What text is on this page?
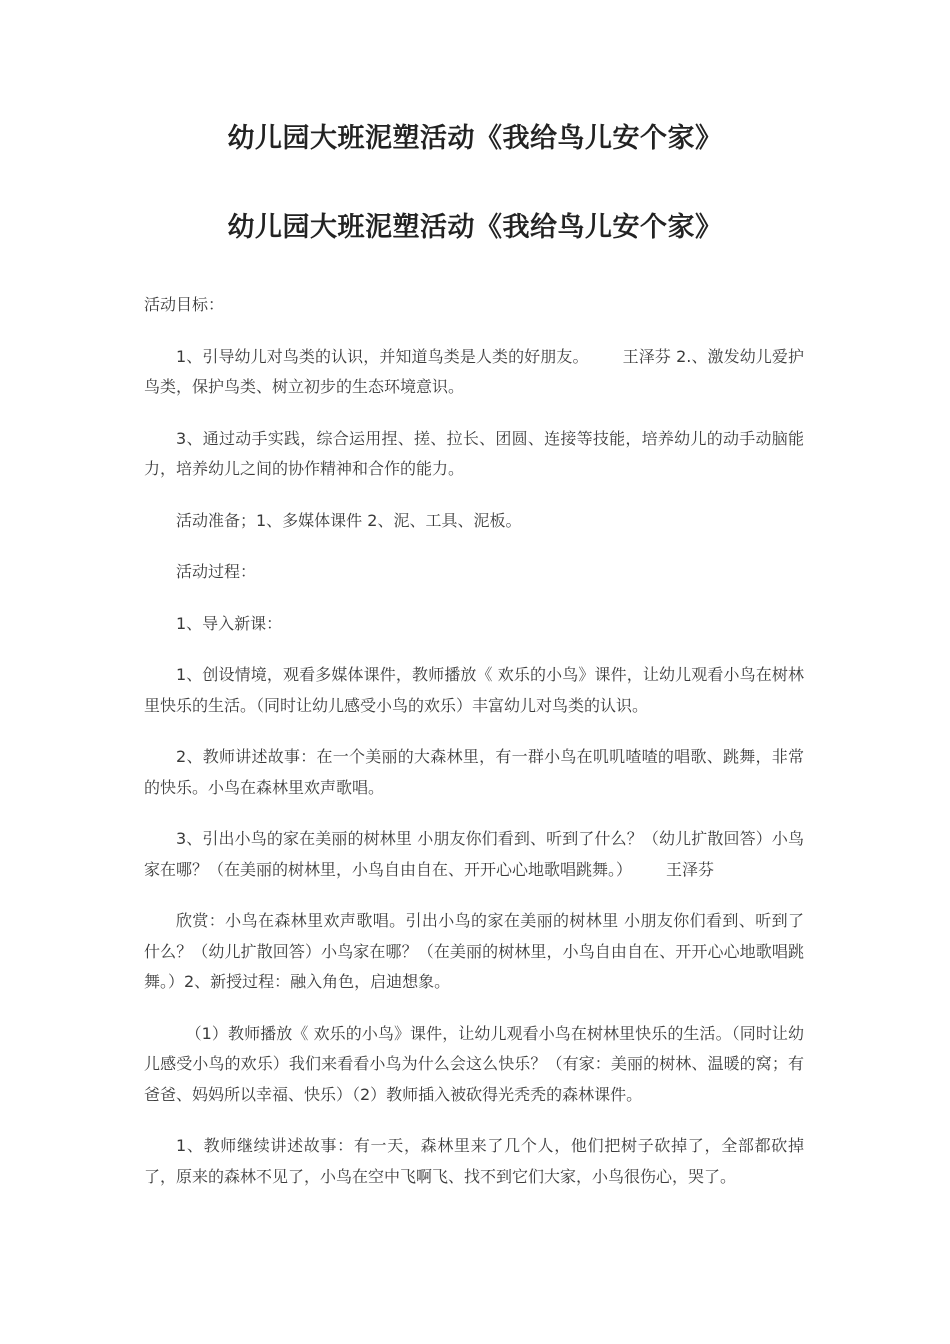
幼儿园大班泥塑活动《我给鸟儿安个家》
幼儿园大班泥塑活动《我给鸟儿安个家》

活动目标：

1、引导幼儿对鸟类的认识，并知道鸟类是人类的好朋友。 王泽芬 2.、激发幼儿爱护鸟类，保护鸟类、树立初步的生态环境意识。

3、通过动手实践，综合运用捏、搓、拉长、团圆、连接等技能，培养幼儿的动手动脑能力，培养幼儿之间的协作精神和合作的能力。

活动准备；1、多媒体课件 2、泥、工具、泥板。

活动过程：

1、导入新课：

1、创设情境，观看多媒体课件，教师播放《 欢乐的小鸟》课件，让幼儿观看小鸟在树林里快乐的生活。（同时让幼儿感受小鸟的欢乐）丰富幼儿对鸟类的认识。

2、教师讲述故事：在一个美丽的大森林里，有一群小鸟在叽叽喳喳的唱歌、跳舞，非常的快乐。小鸟在森林里欢声歌唱。

3、引出小鸟的家在美丽的树林里 小朋友你们看到、听到了什么？（幼儿扩散回答）小鸟家在哪？（在美丽的树林里，小鸟自由自在、开开心心地歌唱跳舞。） 王泽芬

欣赏：小鸟在森林里欢声歌唱。引出小鸟的家在美丽的树林里 小朋友你们看到、听到了什么？（幼儿扩散回答）小鸟家在哪？（在美丽的树林里，小鸟自由自在、开开心心地歌唱跳舞。）2、新授过程：融入角色，启迪想象。

（1）教师播放《 欢乐的小鸟》课件，让幼儿观看小鸟在树林里快乐的生活。（同时让幼儿感受小鸟的欢乐）我们来看看小鸟为什么会这么快乐？（有家：美丽的树林、温暖的窝；有爸爸、妈妈所以幸福、快乐）（2）教师插入被砍得光秃秃的森林课件。

1、教师继续讲述故事：有一天，森林里来了几个人，他们把树子砍掉了，全部都砍掉了，原来的森林不见了，小鸟在空中飞啊飞、找不到它们大家，小鸟很伤心，哭了。
